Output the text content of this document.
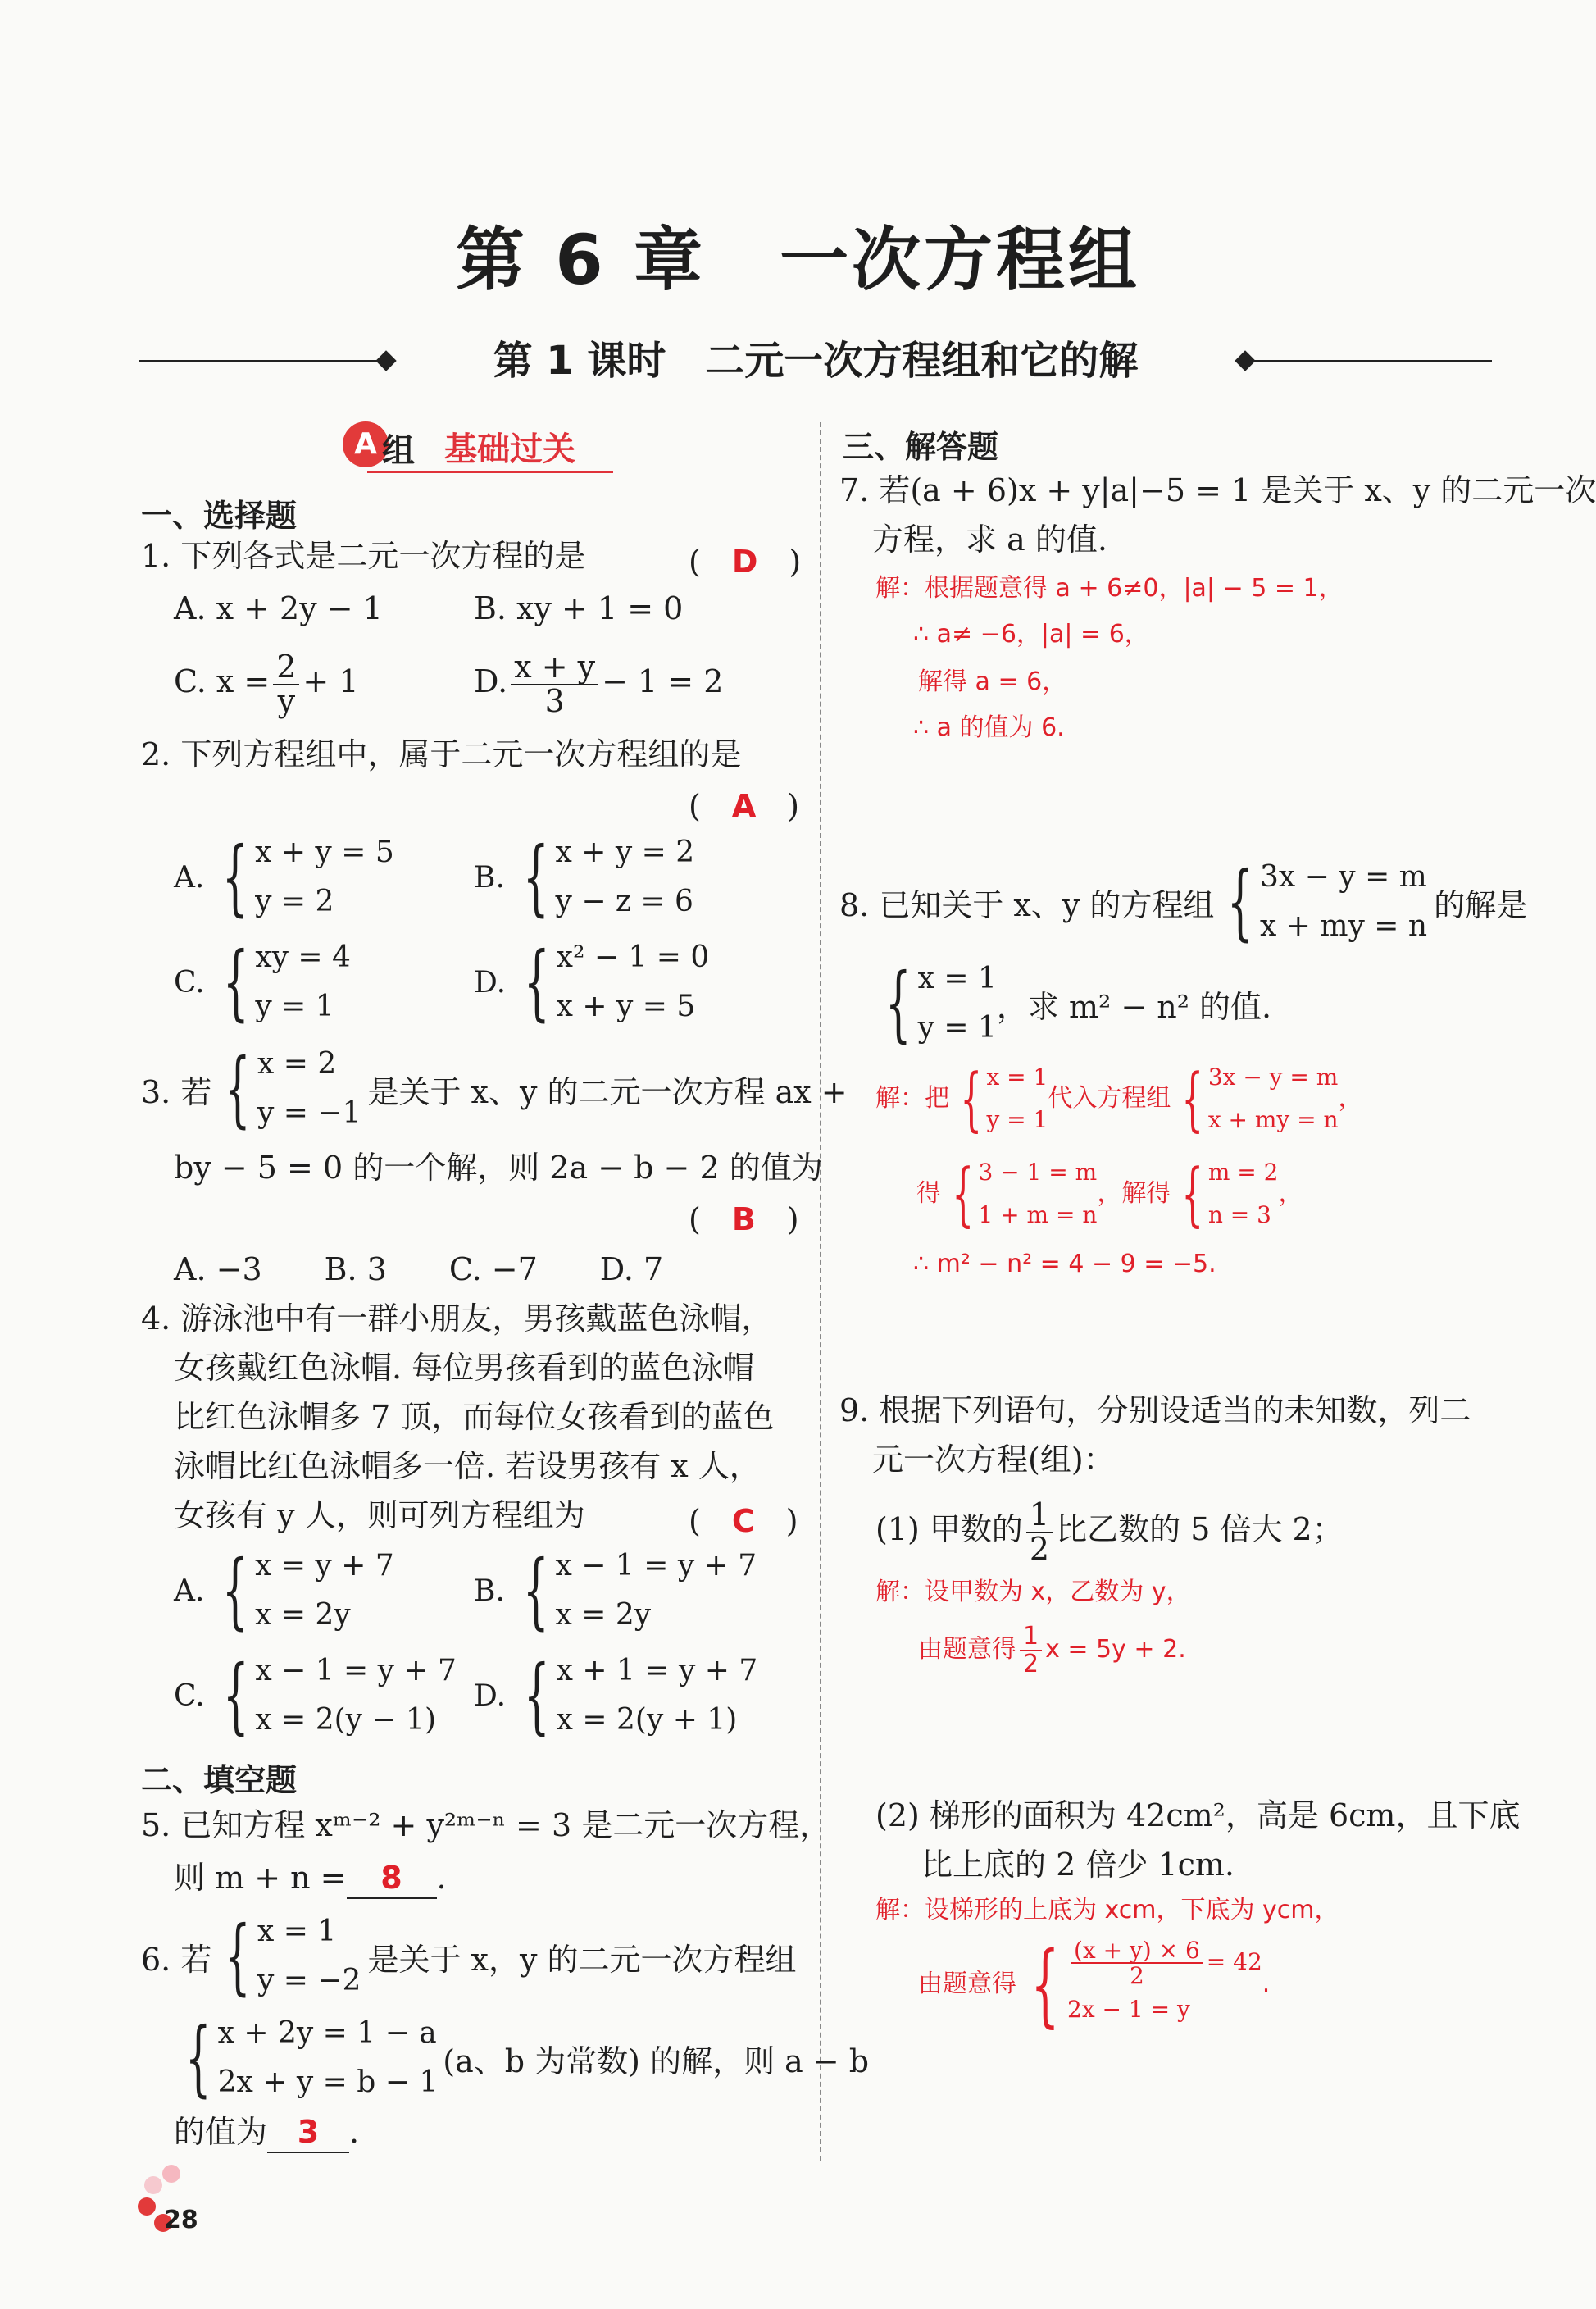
第 6 章 一次方程组
第 1 课时　二元一次方程组和它的解
A 组 基础过关
一、选择题
1. 下列各式是二元一次方程的是	(　D　)
A. x + 2y − 1	B. xy + 1 = 0
C. $x = \frac{2}{y} + 1$	D. $\frac{x + y}{3} - 1 = 2$
2. 下列方程组中，属于二元一次方程组的是
(　A　)
A. { x + y = 5
y = 2
B. { x + y = 2
y − z = 6
C. { xy = 4
y = 1
D. { x² − 1 = 0
x + y = 5
3. 若 { x = 2
y = −1
是关于 x、y 的二元一次方程 ax +
by − 5 = 0 的一个解，则 2a − b − 2 的值为
(　B　)
A. −3　　B. 3　　C. −7　　D. 7
4. 游泳池中有一群小朋友，男孩戴蓝色泳帽，
女孩戴红色泳帽. 每位男孩看到的蓝色泳帽
比红色泳帽多 7 顶，而每位女孩看到的蓝色
泳帽比红色泳帽多一倍. 若设男孩有 x 人，
女孩有 y 人，则可列方程组为	(　C　)
A. { x = y + 7
x = 2y
B. { x − 1 = y + 7
x = 2y
C. { x − 1 = y + 7
x = 2(y − 1)
D. { x + 1 = y + 7
x = 2(y + 1)
二、填空题
5. 已知方程 xᵐ⁻² + y²ᵐ⁻ⁿ = 3 是二元一次方程，
则 m + n = 8 .
6. 若 { x = 1
y = −2
是关于 x，y 的二元一次方程组
{ x + 2y = 1 − a
2x + y = b − 1
(a、b 为常数) 的解，则 a − b
的值为 3 .
三、解答题
7. 若(a + 6)x + y|a|−5 = 1 是关于 x、y 的二元一次
方程，求 a 的值.
解：根据题意得 a + 6≠0，|a| − 5 = 1，
∴ a≠ −6，|a| = 6，
解得 a = 6，
∴ a 的值为 6.
8. 已知关于 x、y 的方程组 { 3x − y = m
x + my = n
的解是
{ x = 1
y = 1
，求 m² − n² 的值.
解：把 { x = 1
y = 1
代入方程组 { 3x − y = m
x + my = n
，
得 { 3 − 1 = m
1 + m = n
，解得 { m = 2
n = 3
，
∴ m² − n² = 4 − 9 = −5.
9. 根据下列语句，分别设适当的未知数，列二
元一次方程(组)：
(1) 甲数的 $\frac{1}{2}$ 比乙数的 5 倍大 2；
解：设甲数为 x，乙数为 y，
由题意得 $\frac{1}{2}$ x = 5y + 2.
(2) 梯形的面积为 42cm²，高是 6cm，且下底
比上底的 2 倍少 1cm.
解：设梯形的上底为 xcm，下底为 ycm，
由题意得 { $\frac{(x + y) \times 6}{2} = 42$
2x − 1 = y
.
28
